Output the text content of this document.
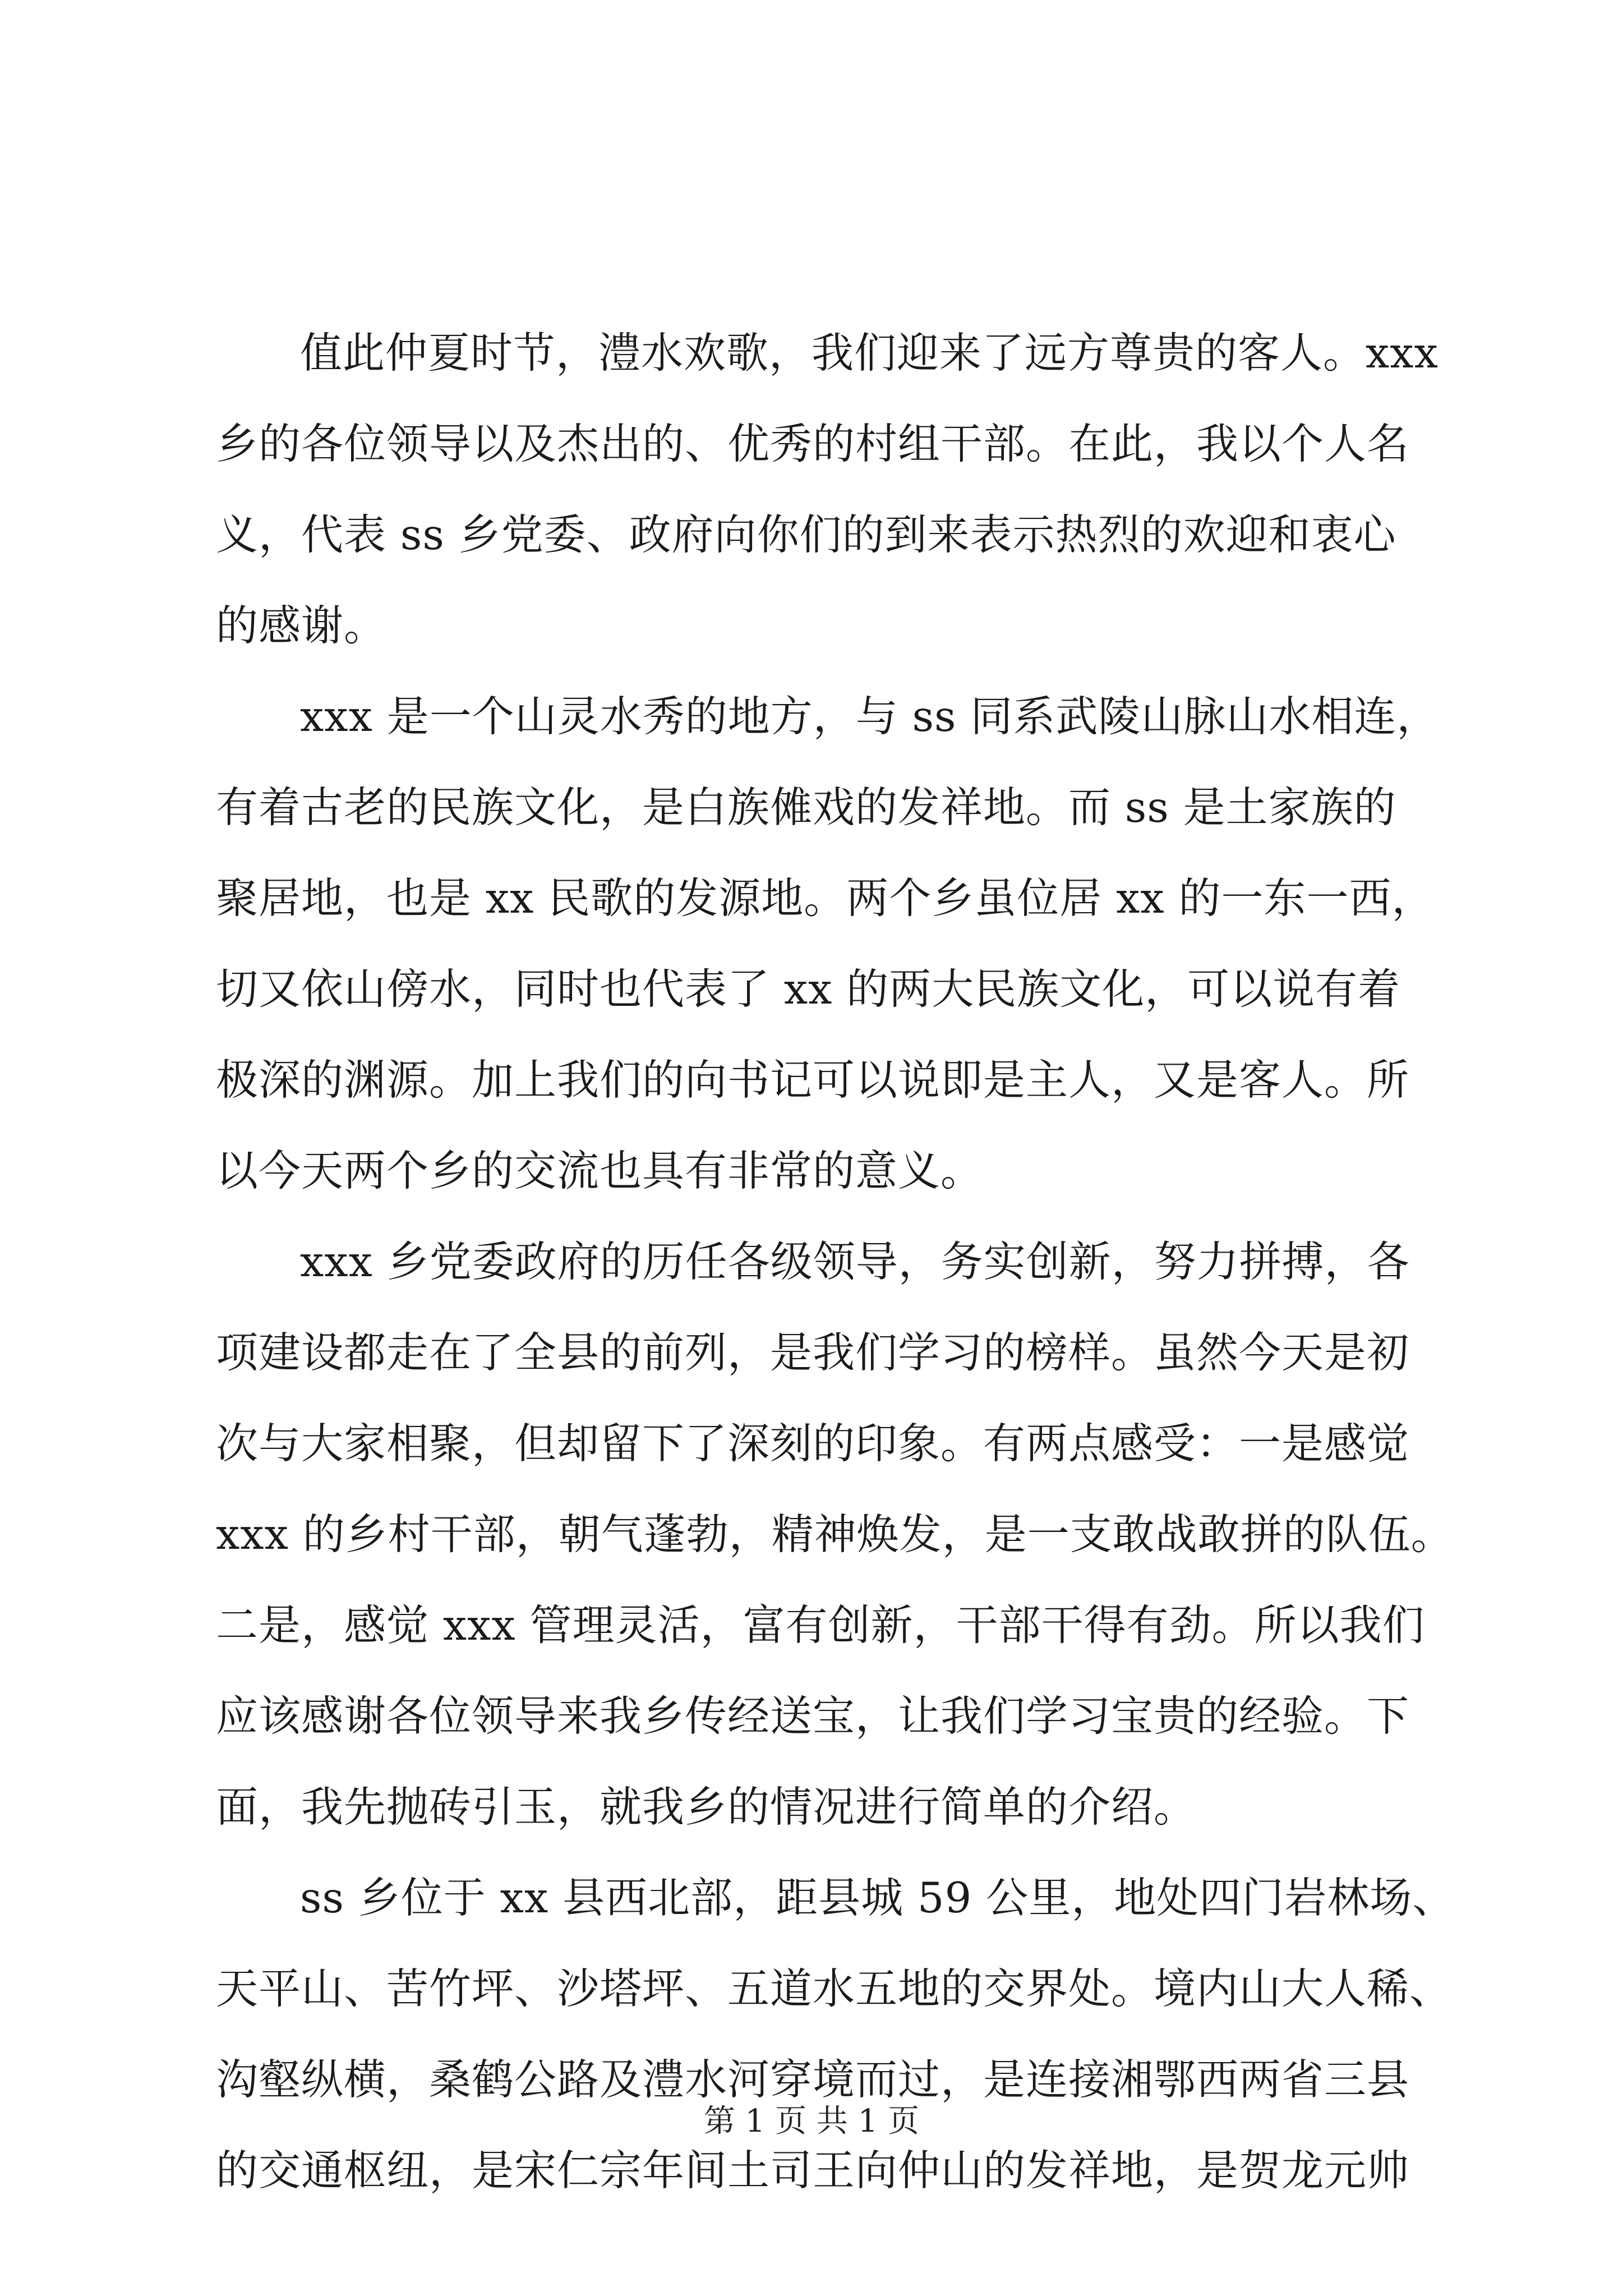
值此仲夏时节，澧水欢歌，我们迎来了远方尊贵的客人。xxx
乡的各位领导以及杰出的、优秀的村组干部。在此，我以个人名
义，代表 ss 乡党委、政府向你们的到来表示热烈的欢迎和衷心
的感谢。

xxx 是一个山灵水秀的地方，与 ss 同系武陵山脉山水相连，
有着古老的民族文化，是白族傩戏的发祥地。而 ss 是土家族的
聚居地，也是 xx 民歌的发源地。两个乡虽位居 xx 的一东一西，
切又依山傍水，同时也代表了 xx 的两大民族文化，可以说有着
极深的渊源。加上我们的向书记可以说即是主人，又是客人。所
以今天两个乡的交流也具有非常的意义。

xxx 乡党委政府的历任各级领导，务实创新，努力拼搏，各
项建设都走在了全县的前列，是我们学习的榜样。虽然今天是初
次与大家相聚，但却留下了深刻的印象。有两点感受：一是感觉
xxx 的乡村干部，朝气蓬勃，精神焕发，是一支敢战敢拼的队伍。
二是，感觉 xxx 管理灵活，富有创新，干部干得有劲。所以我们
应该感谢各位领导来我乡传经送宝，让我们学习宝贵的经验。下
面，我先抛砖引玉，就我乡的情况进行简单的介绍。

ss 乡位于 xx 县西北部，距县城 59 公里，地处四门岩林场、
天平山、苦竹坪、沙塔坪、五道水五地的交界处。境内山大人稀、
沟壑纵横，桑鹤公路及澧水河穿境而过，是连接湘鄂西两省三县
的交通枢纽，是宋仁宗年间土司王向仲山的发祥地，是贺龙元帅

第 1 页 共 1 页
